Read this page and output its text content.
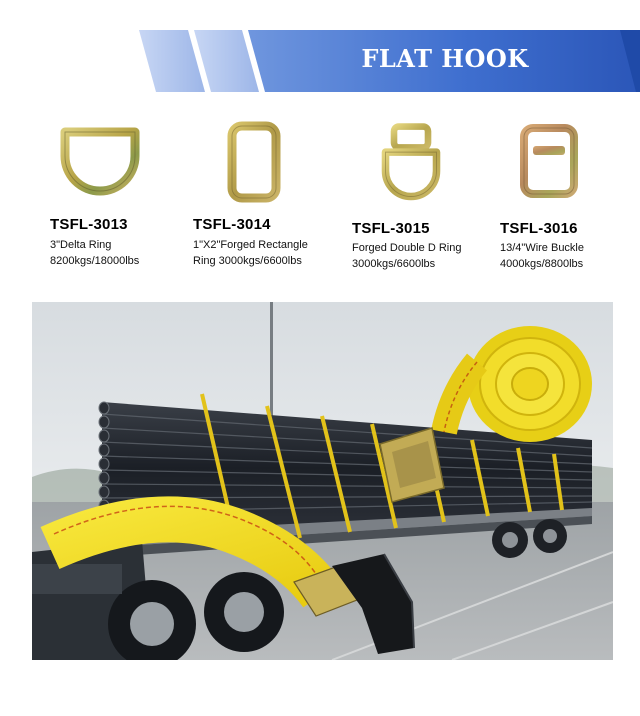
FLAT HOOK
TSFL-3013
3"Delta Ring
8200kgs/18000lbs
TSFL-3014
1"X2"Forged Rectangle
Ring 3000kgs/6600lbs
TSFL-3015
Forged Double D Ring
3000kgs/6600lbs
TSFL-3016
13/4"Wire Buckle
4000kgs/8800lbs
